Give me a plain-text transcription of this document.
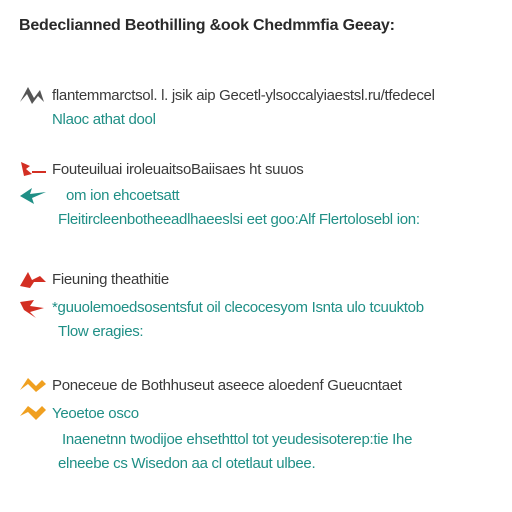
Bedeclianned Beothilling &ook Chedmmfia Geeay:
flantemmarctsol. l. jsik aip Gecetl-ylsoccalyiaestsl.ru/tfedecel
Nlaoc athat dool
Fouteuiluai iroleuaitsoBaiisaes ht suuos
om ion ehcoetsatt
Fleitircleenbotheeadlhaeeslsi eet goo:Alf Flertolosebl ion:
Fieuning theathitie
*guuolemoedsosentsfut oil clecocesyom Isnta ulo tcuuktob
Tlow eragies:
Poneceue de Bothhuseut aseece aloedenf Gueucntaet
Yeoetoe osco
Inaenetnn twodijoe ehsethttol tot yeudesisoterep:tie Ihe
elneebe cs Wisedon aa cl otetlaut ulbee.
